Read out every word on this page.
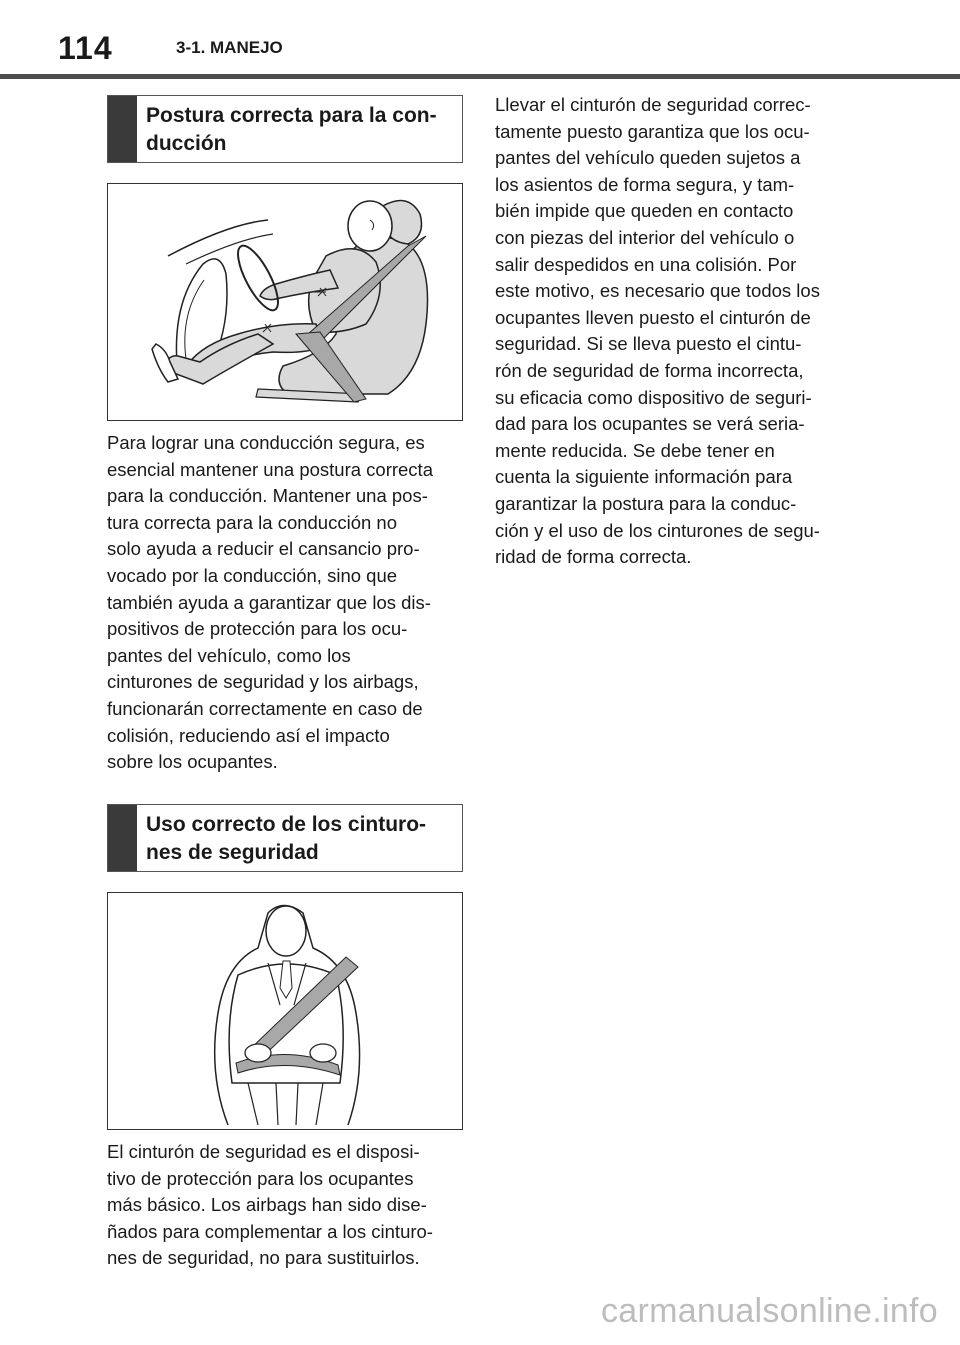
114	3-1. MANEJO
Postura correcta para la con-
ducción
Para lograr una conducción segura, es
esencial mantener una postura correcta
para la conducción. Mantener una pos-
tura correcta para la conducción no
solo ayuda a reducir el cansancio pro-
vocado por la conducción, sino que
también ayuda a garantizar que los dis-
positivos de protección para los ocu-
pantes del vehículo, como los
cinturones de seguridad y los airbags,
funcionarán correctamente en caso de
colisión, reduciendo así el impacto
sobre los ocupantes.
Uso correcto de los cinturo-
nes de seguridad
El cinturón de seguridad es el disposi-
tivo de protección para los ocupantes
más básico. Los airbags han sido dise-
ñados para complementar a los cinturo-
nes de seguridad, no para sustituirlos.
Llevar el cinturón de seguridad correc-
tamente puesto garantiza que los ocu-
pantes del vehículo queden sujetos a
los asientos de forma segura, y tam-
bién impide que queden en contacto
con piezas del interior del vehículo o
salir despedidos en una colisión. Por
este motivo, es necesario que todos los
ocupantes lleven puesto el cinturón de
seguridad. Si se lleva puesto el cintu-
rón de seguridad de forma incorrecta,
su eficacia como dispositivo de seguri-
dad para los ocupantes se verá seria-
mente reducida. Se debe tener en
cuenta la siguiente información para
garantizar la postura para la conduc-
ción y el uso de los cinturones de segu-
ridad de forma correcta.
carmanualsonline.info
